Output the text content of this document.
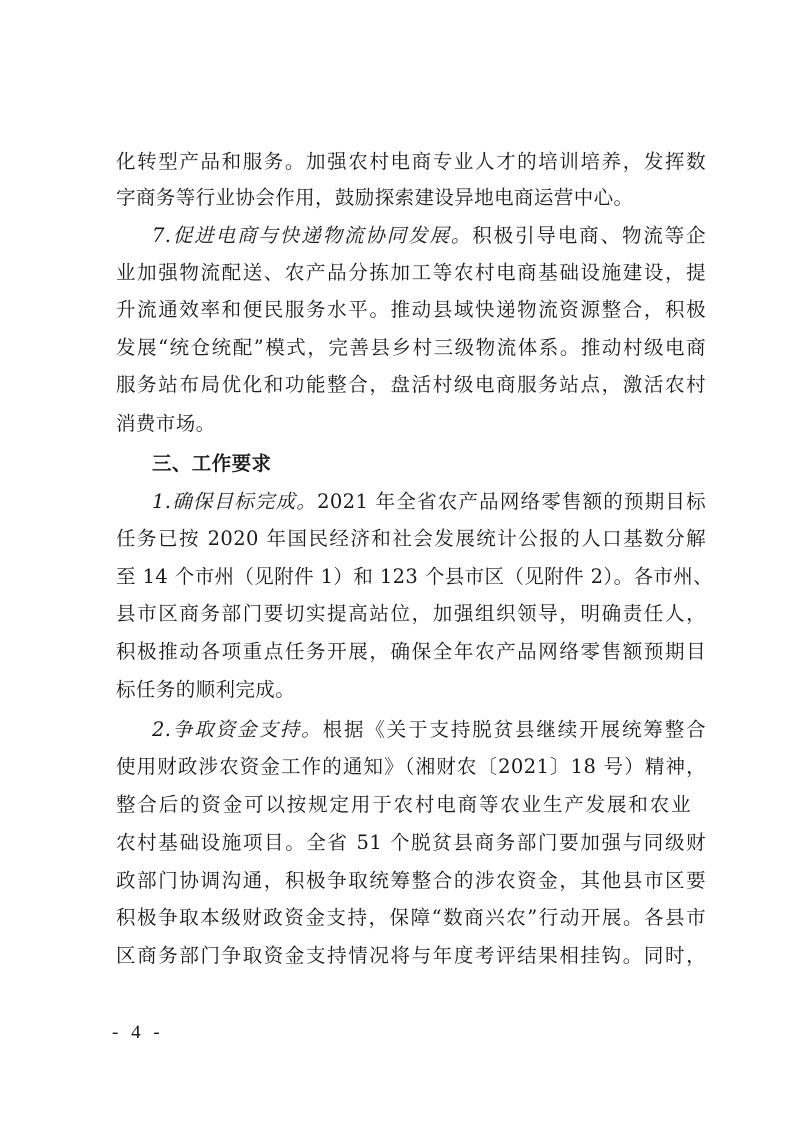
化转型产品和服务。加强农村电商专业人才的培训培养，发挥数
字商务等行业协会作用，鼓励探索建设异地电商运营中心。
7.促进电商与快递物流协同发展。积极引导电商、物流等企
业加强物流配送、农产品分拣加工等农村电商基础设施建设，提
升流通效率和便民服务水平。推动县域快递物流资源整合，积极
发展“统仓统配”模式，完善县乡村三级物流体系。推动村级电商
服务站布局优化和功能整合，盘活村级电商服务站点，激活农村
消费市场。
三、工作要求
1.确保目标完成。2021 年全省农产品网络零售额的预期目标
任务已按 2020 年国民经济和社会发展统计公报的人口基数分解
至 14 个市州（见附件 1）和 123 个县市区（见附件 2）。各市州、
县市区商务部门要切实提高站位，加强组织领导，明确责任人，
积极推动各项重点任务开展，确保全年农产品网络零售额预期目
标任务的顺利完成。
2.争取资金支持。根据《关于支持脱贫县继续开展统筹整合
使用财政涉农资金工作的通知》（湘财农〔2021〕18 号）精神，
整合后的资金可以按规定用于农村电商等农业生产发展和农业
农村基础设施项目。全省 51 个脱贫县商务部门要加强与同级财
政部门协调沟通，积极争取统筹整合的涉农资金，其他县市区要
积极争取本级财政资金支持，保障“数商兴农”行动开展。各县市
区商务部门争取资金支持情况将与年度考评结果相挂钩。同时，
- 4 -
